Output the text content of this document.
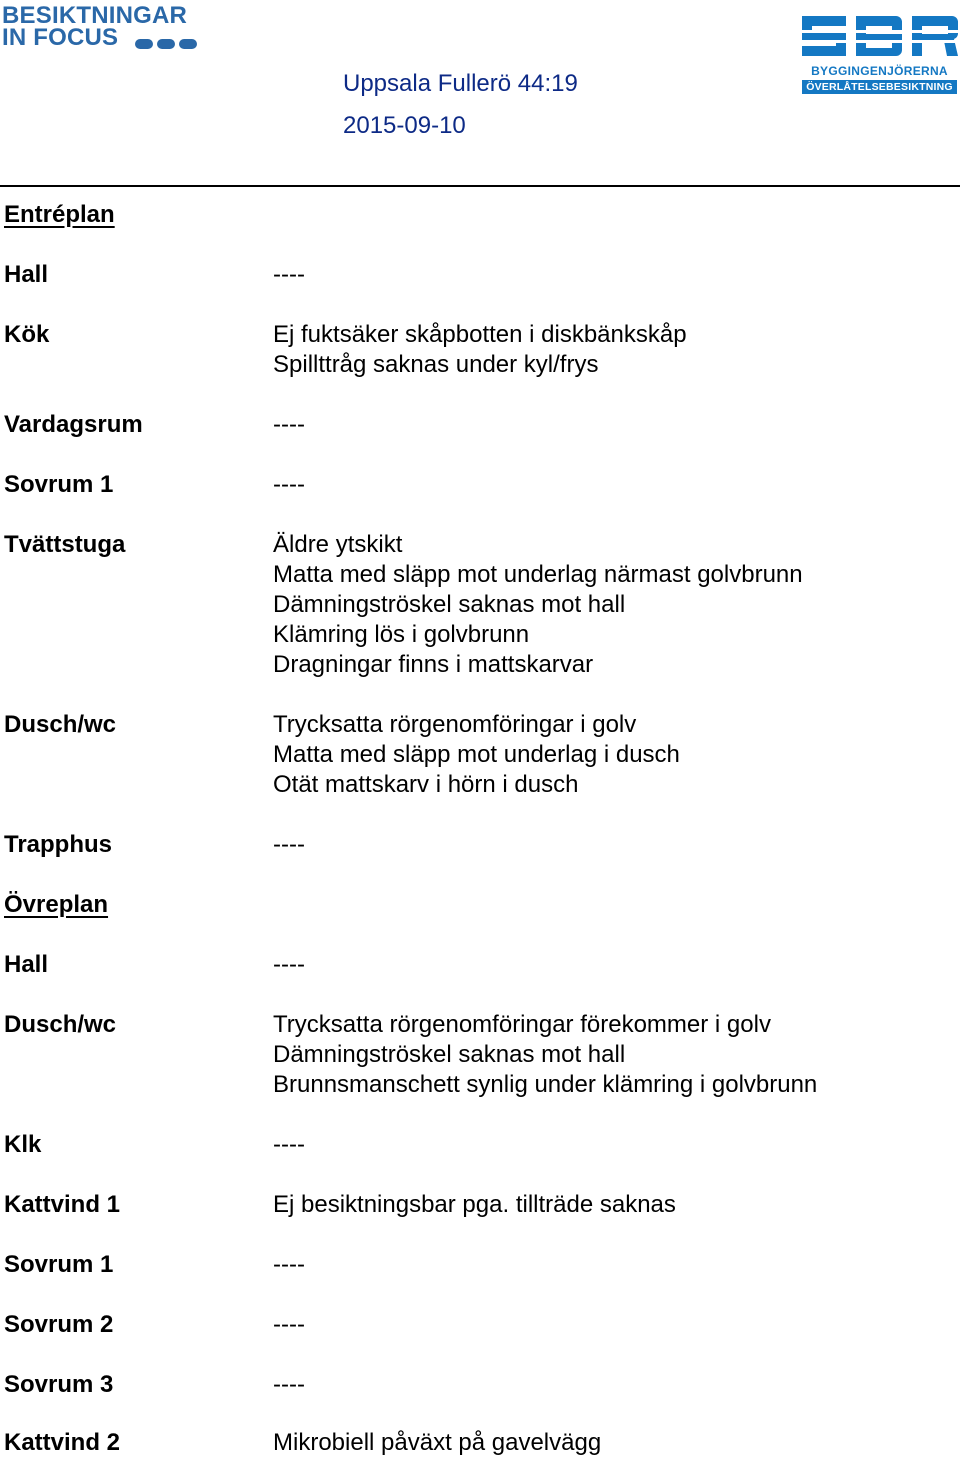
BESIKTNINGAR
IN FOCUS
BYGGINGENJÖRERNA
ÖVERLÅTELSEBESIKTNING
Uppsala Fullerö 44:19
2015-09-10
Entréplan
Hall	----
Kök	Ej fuktsäker skåpbotten i diskbänkskåp
Spillttråg saknas under kyl/frys
Vardagsrum	----
Sovrum 1	----
Tvättstuga	Äldre ytskikt
Matta med släpp mot underlag närmast golvbrunn
Dämningströskel saknas mot hall
Klämring lös i golvbrunn
Dragningar finns i mattskarvar
Dusch/wc	Trycksatta rörgenomföringar i golv
Matta med släpp mot underlag i dusch
Otät mattskarv i hörn i dusch
Trapphus	----
Övreplan
Hall	----
Dusch/wc	Trycksatta rörgenomföringar förekommer i golv
Dämningströskel saknas mot hall
Brunnsmanschett synlig under klämring i golvbrunn
Klk	----
Kattvind 1	Ej besiktningsbar pga. tillträde saknas
Sovrum 1	----
Sovrum 2	----
Sovrum 3	----
Kattvind 2	Mikrobiell påväxt på gavelvägg
